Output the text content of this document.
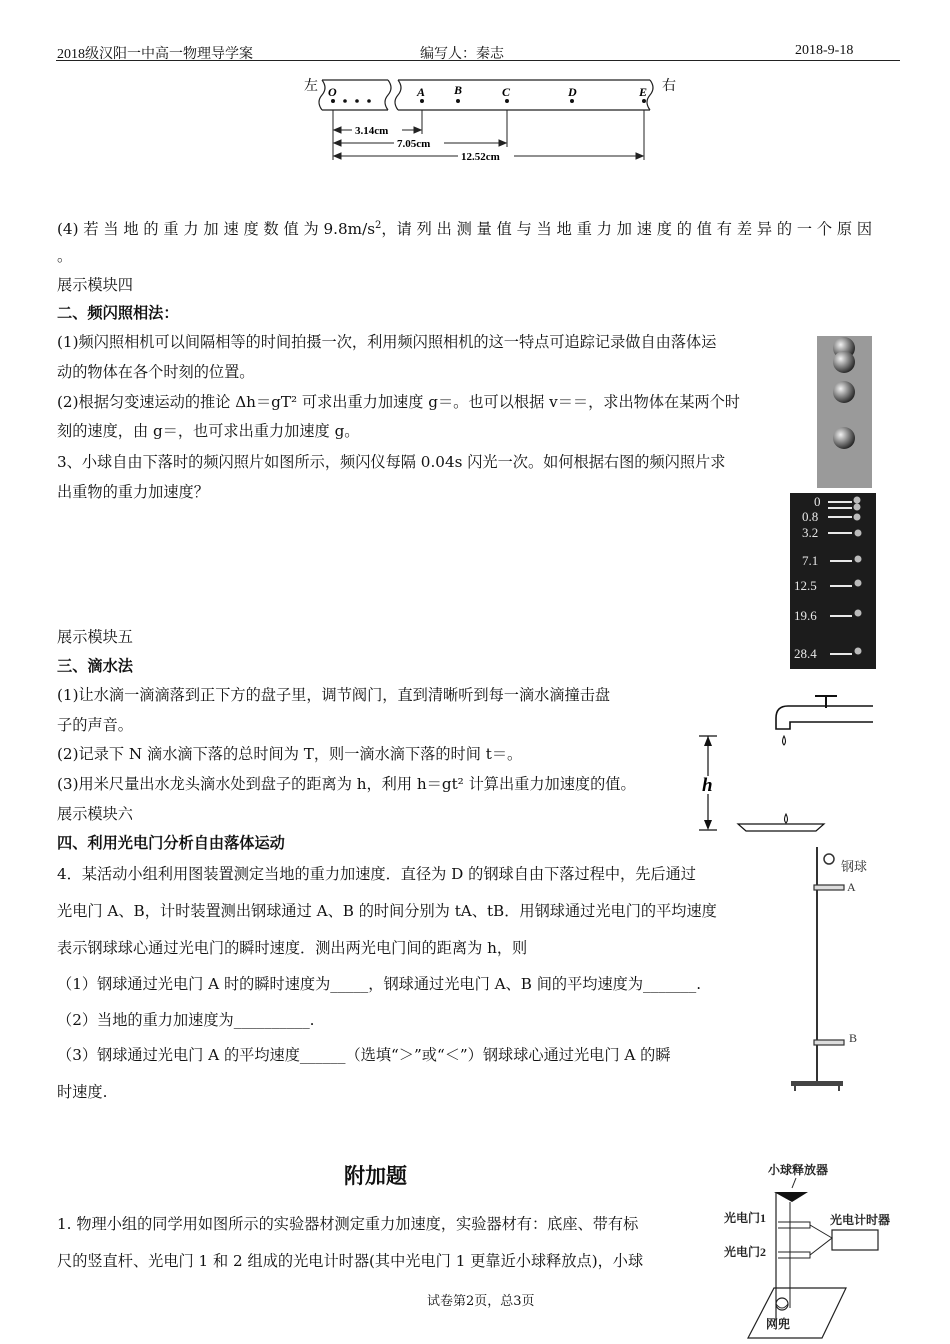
2018级汉阳一中高一物理导学案	编写人：秦志	2018-9-18
左	右
O	A B	C	D	E
3.14cm
7.05cm
12.52cm
(4) 若 当 地 的 重 力 加 速 度 数 值 为 $9.8m/s^2$，请 列 出 测 量 值 与 当 地 重 力 加 速 度 的 值 有 差 异 的 一 个 原 因
。
展示模块四
二、频闪照相法：
(1)频闪照相机可以间隔相等的时间拍摄一次，利用频闪照相机的这一特点可追踪记录做自由落体运
动的物体在各个时刻的位置。
(2)根据匀变速运动的推论 Δh＝gT² 可求出重力加速度 g＝。也可以根据 v＝＝，求出物体在某两个时
刻的速度，由 g＝，也可求出重力加速度 g。
3、小球自由下落时的频闪照片如图所示，频闪仪每隔 0.04s 闪光一次。如何根据右图的频闪照片求
出重物的重力加速度？
0
0.8
3.2
7.1
12.5
19.6
28.4
展示模块五
三、滴水法
(1)让水滴一滴滴落到正下方的盘子里，调节阀门，直到清晰听到每一滴水滴撞击盘
子的声音。
(2)记录下 N 滴水滴下落的总时间为 T，则一滴水滴下落的时间 t＝。
(3)用米尺量出水龙头滴水处到盘子的距离为 h，利用 h＝gt² 计算出重力加速度的值。	h
展示模块六
四、利用光电门分析自由落体运动
4．某活动小组利用图装置测定当地的重力加速度．直径为 D 的钢球自由下落过程中，先后通过
光电门 A、B，计时装置测出钢球通过 A、B 的时间分别为 tA、tB．用钢球通过光电门的平均速度
表示钢球球心通过光电门的瞬时速度．测出两光电门间的距离为 h，则
（1）钢球通过光电门 A 时的瞬时速度为_____，钢球通过光电门 A、B 间的平均速度为_______.
（2）当地的重力加速度为__________.
（3）钢球通过光电门 A 的平均速度______（选填“＞”或“＜”）钢球球心通过光电门 A 的瞬
时速度.
钢球
A
B
附加题
1. 物理小组的同学用如图所示的实验器材测定重力加速度，实验器材有：底座、带有标
尺的竖直杆、光电门 1 和 2 组成的光电计时器(其中光电门 1 更靠近小球释放点)，小球
小球释放器
光电门1
光电门2
光电计时器
网兜
试卷第2页，总3页
